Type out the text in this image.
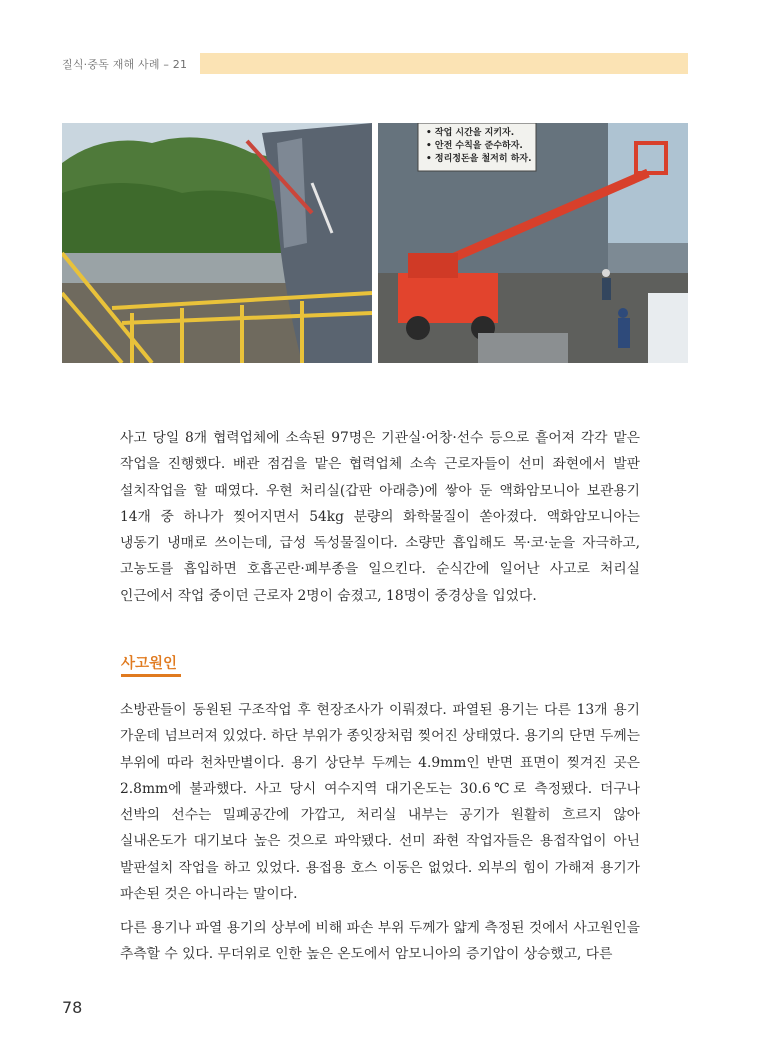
질식·중독 재해 사례 – 21
• 작업 시간을 지키자.
• 안전 수칙을 준수하자.
• 정리정돈을 철저히 하자.

사고 당일 8개 협력업체에 소속된 97명은 기관실·어창·선수 등으로 흩어져 각각 맡은 작업을 진행했다. 배관 점검을 맡은 협력업체 소속 근로자들이 선미 좌현에서 발판 설치작업을 할 때였다. 우현 처리실(갑판 아래층)에 쌓아 둔 액화암모니아 보관용기 14개 중 하나가 찢어지면서 54kg 분량의 화학물질이 쏟아졌다. 액화암모니아는 냉동기 냉매로 쓰이는데, 급성 독성물질이다. 소량만 흡입해도 목·코·눈을 자극하고, 고농도를 흡입하면 호흡곤란·폐부종을 일으킨다. 순식간에 일어난 사고로 처리실 인근에서 작업 중이던 근로자 2명이 숨졌고, 18명이 중경상을 입었다.

사고원인

소방관들이 동원된 구조작업 후 현장조사가 이뤄졌다. 파열된 용기는 다른 13개 용기 가운데 넘브러져 있었다. 하단 부위가 종잇장처럼 찢어진 상태였다. 용기의 단면 두께는 부위에 따라 천차만별이다. 용기 상단부 두께는 4.9mm인 반면 표면이 찢겨진 곳은 2.8mm에 불과했다. 사고 당시 여수지역 대기온도는 30.6℃로 측정됐다. 더구나 선박의 선수는 밀폐공간에 가깝고, 처리실 내부는 공기가 원활히 흐르지 않아 실내온도가 대기보다 높은 것으로 파악됐다. 선미 좌현 작업자들은 용접작업이 아닌 발판설치 작업을 하고 있었다. 용접용 호스 이동은 없었다. 외부의 힘이 가해져 용기가 파손된 것은 아니라는 말이다.

다른 용기나 파열 용기의 상부에 비해 파손 부위 두께가 얇게 측정된 것에서 사고원인을 추측할 수 있다. 무더위로 인한 높은 온도에서 암모니아의 증기압이 상승했고, 다른

78
